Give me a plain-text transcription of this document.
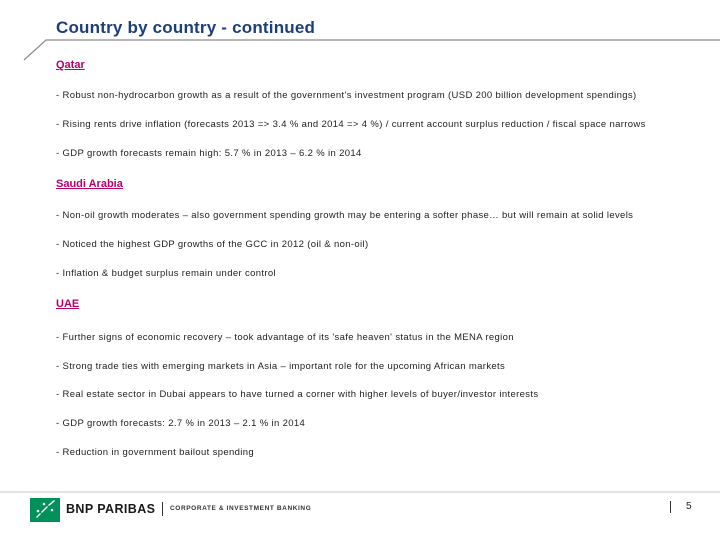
Country by country - continued
Qatar
- Robust non-hydrocarbon growth as a result of the government's investment program (USD 200 billion development spendings)
- Rising rents drive inflation (forecasts 2013 => 3.4 % and 2014 => 4 %) / current account surplus reduction / fiscal space narrows
- GDP growth forecasts remain high: 5.7 % in 2013 – 6.2 % in 2014
Saudi Arabia
- Non-oil growth moderates – also government spending growth may be entering a softer phase… but will remain at solid levels
- Noticed the highest GDP growths of the GCC in 2012 (oil & non-oil)
- Inflation & budget surplus remain under control
UAE
- Further signs of economic recovery – took advantage of its 'safe heaven' status in the MENA region
- Strong trade ties with emerging markets in Asia – important role for the upcoming African markets
- Real estate sector in Dubai appears to have turned a corner with higher levels of buyer/investor interests
- GDP growth forecasts: 2.7 % in 2013 – 2.1 % in 2014
- Reduction in government bailout spending
BNP PARIBAS CORPORATE & INVESTMENT BANKING	5
